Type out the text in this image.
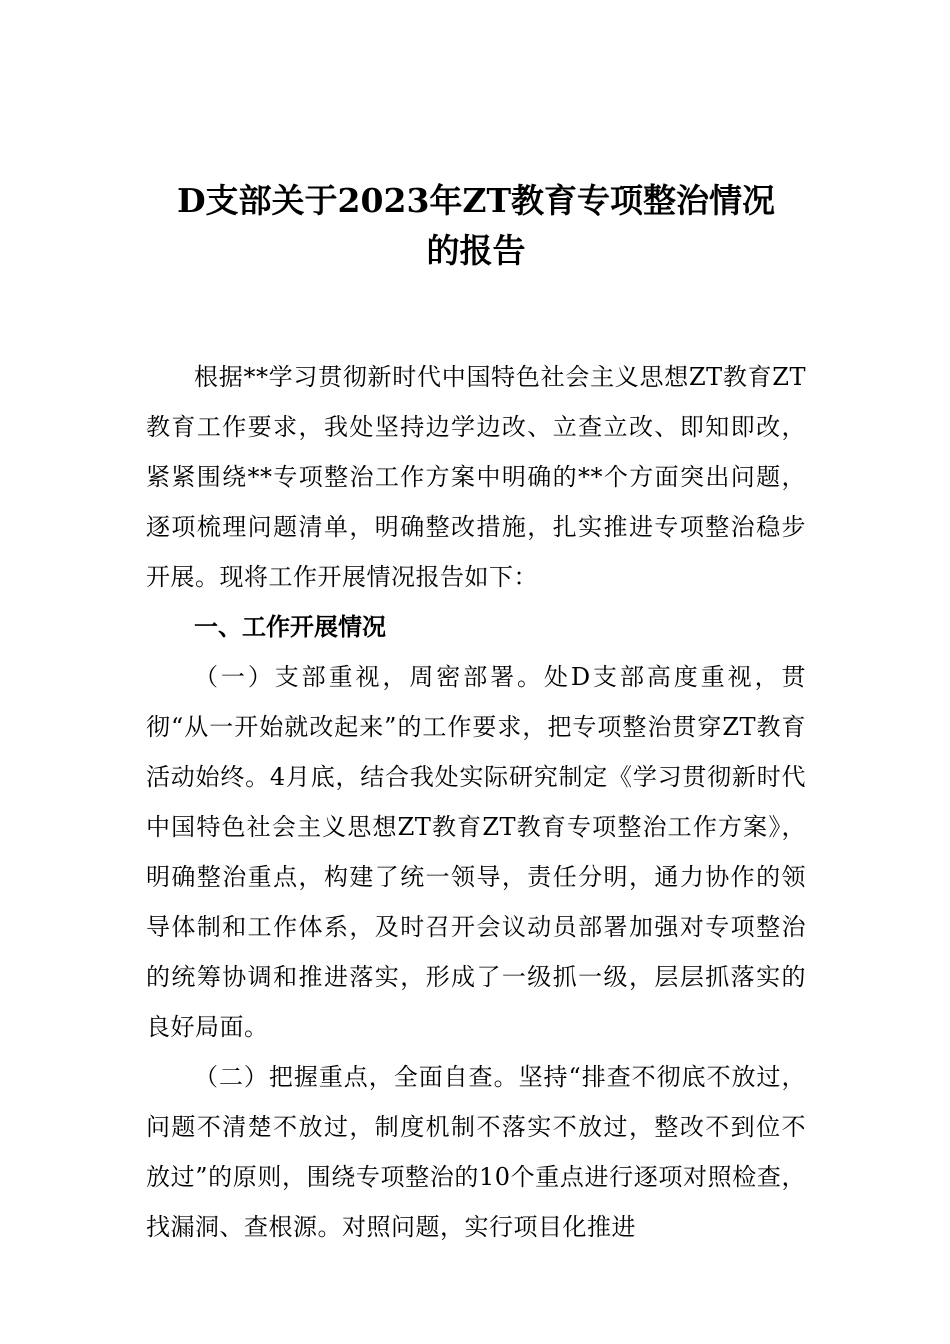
D支部关于2023年ZT教育专项整治情况
的报告

根据**学习贯彻新时代中国特色社会主义思想ZT教育ZT教育工作要求，我处坚持边学边改、立查立改、即知即改，紧紧围绕**专项整治工作方案中明确的**个方面突出问题，逐项梳理问题清单，明确整改措施，扎实推进专项整治稳步开展。现将工作开展情况报告如下：

一、工作开展情况

（一）支部重视，周密部署。处D支部高度重视，贯彻“从一开始就改起来”的工作要求，把专项整治贯穿ZT教育活动始终。4月底，结合我处实际研究制定《学习贯彻新时代中国特色社会主义思想ZT教育ZT教育专项整治工作方案》，明确整治重点，构建了统一领导，责任分明，通力协作的领导体制和工作体系，及时召开会议动员部署加强对专项整治的统筹协调和推进落实，形成了一级抓一级，层层抓落实的良好局面。

（二）把握重点，全面自查。坚持“排查不彻底不放过，问题不清楚不放过，制度机制不落实不放过，整改不到位不放过”的原则，围绕专项整治的10个重点进行逐项对照检查，找漏洞、查根源。对照问题，实行项目化推进
